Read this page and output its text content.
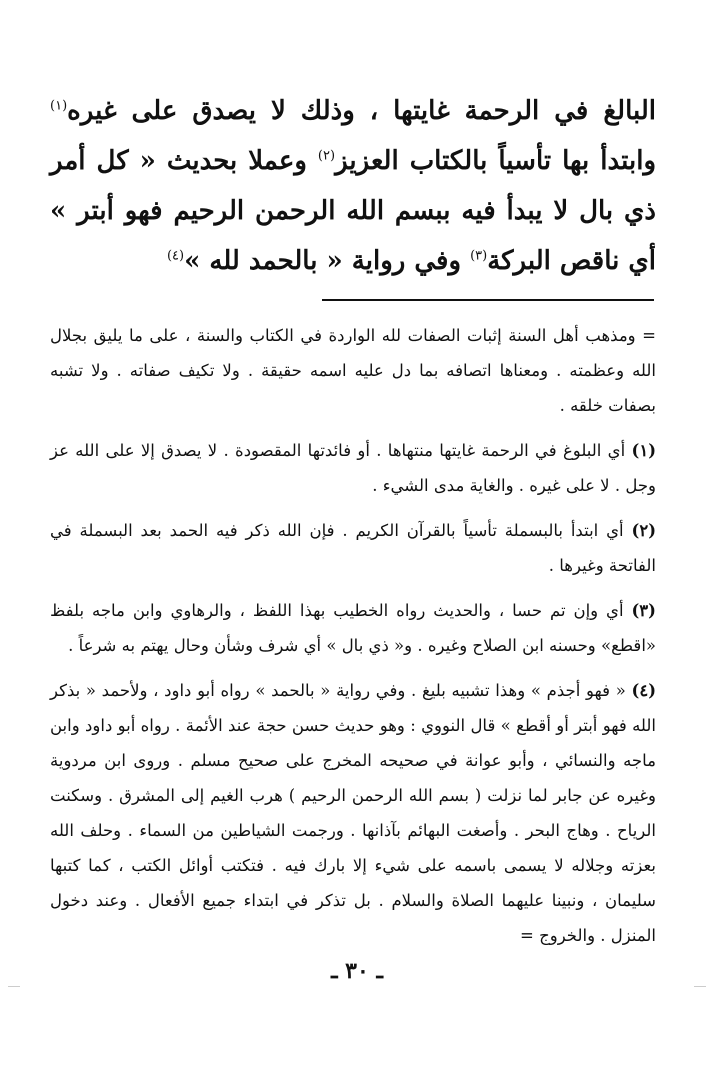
البالغ في الرحمة غايتها ، وذلك لا يصدق على غيره$^{(١)}$ وابتدأ بها تأسياً بالكتاب العزيز$^{(٢)}$ وعملا بحديث « كل أمر ذي بال لا يبدأ فيه ببسم الله الرحمن الرحيم فهو أبتر » أي ناقص البركة$^{(٣)}$ وفي رواية « بالحمد لله »$^{(٤)}$

= ومذهب أهل السنة إثبات الصفات لله الواردة في الكتاب والسنة ، على ما يليق بجلال الله وعظمته . ومعناها اتصافه بما دل عليه اسمه حقيقة . ولا تكيف صفاته . ولا تشبه بصفات خلقه .

(١) أي البلوغ في الرحمة غايتها منتهاها . أو فائدتها المقصودة . لا يصدق إلا على الله عز وجل . لا على غيره . والغاية مدى الشيء .

(٢) أي ابتدأ بالبسملة تأسياً بالقرآن الكريم . فإن الله ذكر فيه الحمد بعد البسملة في الفاتحة وغيرها .

(٣) أي وإن تم حسا ، والحديث رواه الخطيب بهذا اللفظ ، والرهاوي وابن ماجه بلفظ «اقطع» وحسنه ابن الصلاح وغيره . و« ذي بال » أي شرف وشأن وحال يهتم به شرعاً .

(٤) « فهو أجذم » وهذا تشبيه بليغ . وفي رواية « بالحمد » رواه أبو داود ، ولأحمد « بذكر الله فهو أبتر أو أقطع » قال النووي : وهو حديث حسن حجة عند الأئمة . رواه أبو داود وابن ماجه والنسائي ، وأبو عوانة في صحيحه المخرج على صحيح مسلم . وروى ابن مردوية وغيره عن جابر لما نزلت ( بسم الله الرحمن الرحيم ) هرب الغيم إلى المشرق . وسكنت الرياح . وهاج البحر . وأصغت البهائم بآذانها . ورجمت الشياطين من السماء . وحلف الله بعزته وجلاله لا يسمى باسمه على شيء إلا بارك فيه . فتكتب أوائل الكتب ، كما كتبها سليمان ، ونبينا عليهما الصلاة والسلام . بل تذكر في ابتداء جميع الأفعال . وعند دخول المنزل . والخروج =

ـ ٣٠ ـ
